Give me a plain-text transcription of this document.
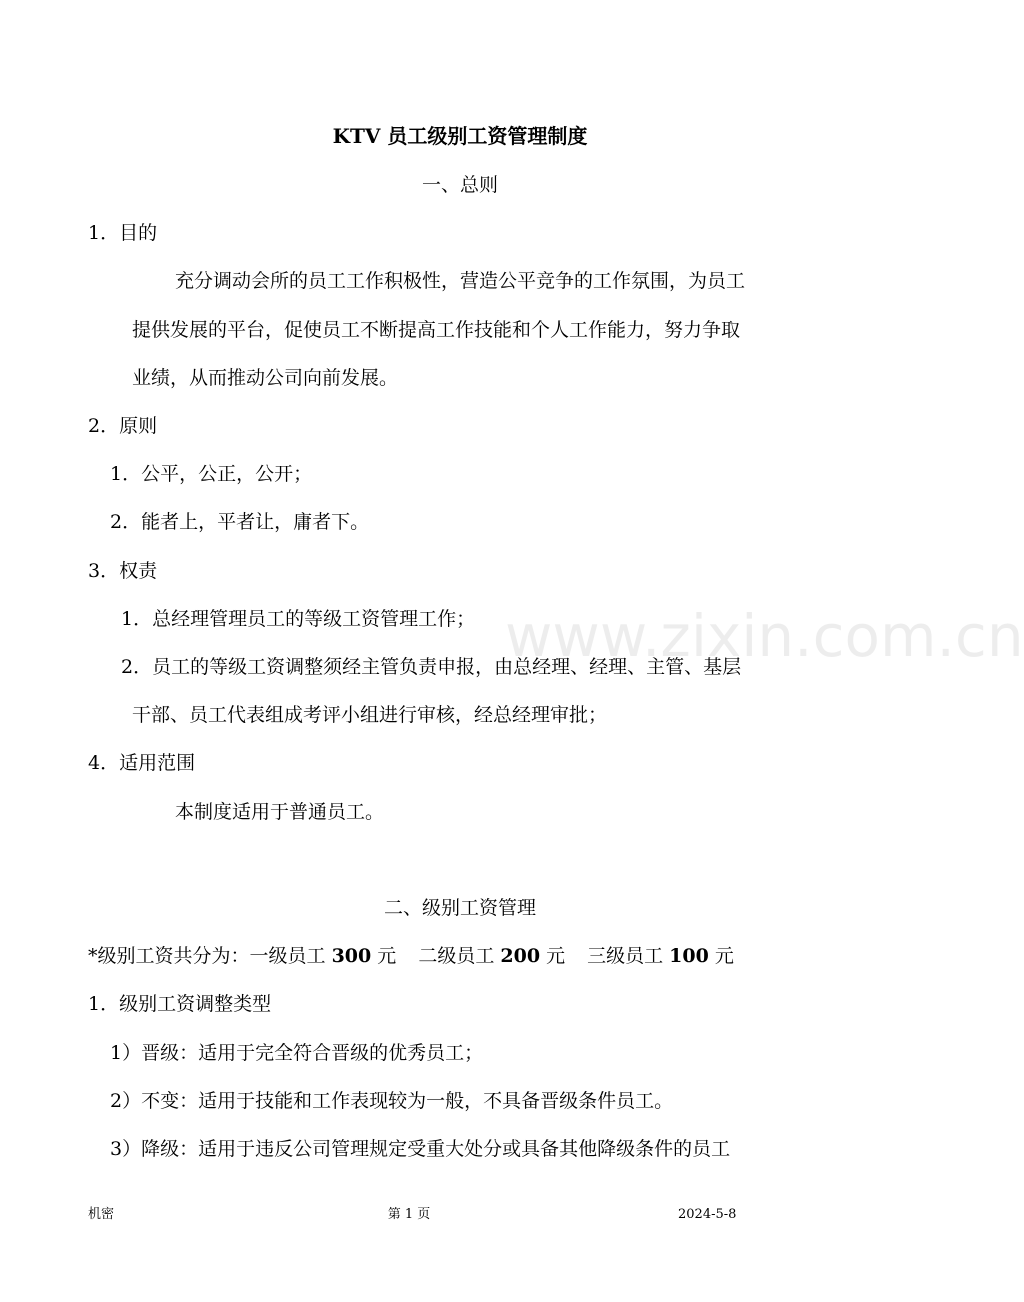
www.zixin.com.cn
KTV 员工级别工资管理制度
一、总则
1．目的
充分调动会所的员工工作积极性，营造公平竞争的工作氛围，为员工
提供发展的平台，促使员工不断提高工作技能和个人工作能力，努力争取
业绩，从而推动公司向前发展。
2．原则
1．公平，公正，公开；
2．能者上，平者让，庸者下。
3．权责
1．总经理管理员工的等级工资管理工作；
2．员工的等级工资调整须经主管负责申报，由总经理、经理、主管、基层
干部、员工代表组成考评小组进行审核，经总经理审批；
4．适用范围
本制度适用于普通员工。
二、级别工资管理
*级别工资共分为：一级员工 300 元 二级员工 200 元 三级员工 100 元
1．级别工资调整类型
1）晋级：适用于完全符合晋级的优秀员工；
2）不变：适用于技能和工作表现较为一般，不具备晋级条件员工。
3）降级：适用于违反公司管理规定受重大处分或具备其他降级条件的员工
机密	第 1 页	2024-5-8
